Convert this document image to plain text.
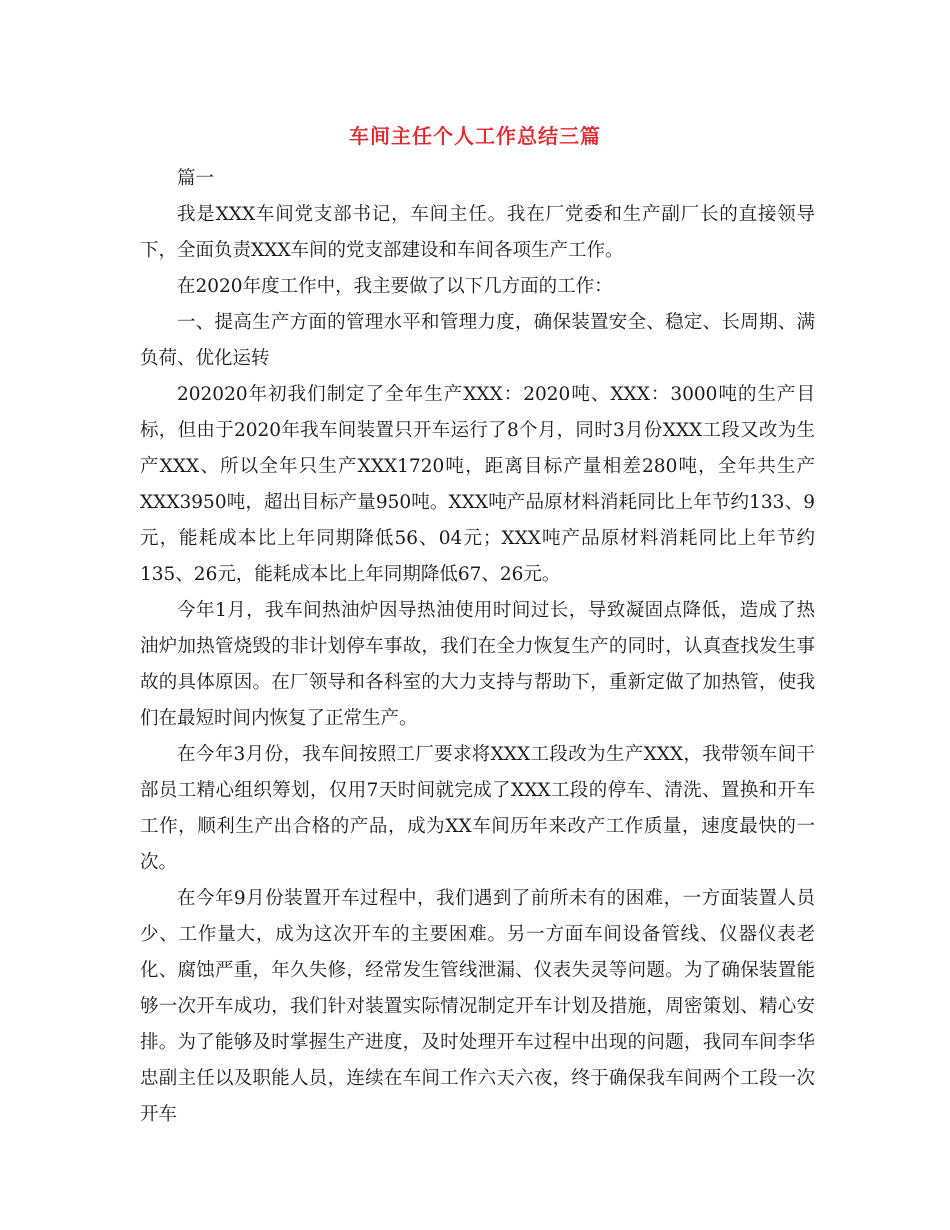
车间主任个人工作总结三篇

篇一

我是XXX车间党支部书记，车间主任。我在厂党委和生产副厂长的直接领导下，全面负责XXX车间的党支部建设和车间各项生产工作。

在2020年度工作中，我主要做了以下几方面的工作：

一、提高生产方面的管理水平和管理力度，确保装置安全、稳定、长周期、满负荷、优化运转

202020年初我们制定了全年生产XXX：2020吨、XXX：3000吨的生产目标，但由于2020年我车间装置只开车运行了8个月，同时3月份XXX工段又改为生产XXX、所以全年只生产XXX1720吨，距离目标产量相差280吨，全年共生产XXX3950吨，超出目标产量950吨。XXX吨产品原材料消耗同比上年节约133、9元，能耗成本比上年同期降低56、04元；XXX吨产品原材料消耗同比上年节约135、26元，能耗成本比上年同期降低67、26元。

今年1月，我车间热油炉因导热油使用时间过长，导致凝固点降低，造成了热油炉加热管烧毁的非计划停车事故，我们在全力恢复生产的同时，认真查找发生事故的具体原因。在厂领导和各科室的大力支持与帮助下，重新定做了加热管，使我们在最短时间内恢复了正常生产。

在今年3月份，我车间按照工厂要求将XXX工段改为生产XXX，我带领车间干部员工精心组织筹划，仅用7天时间就完成了XXX工段的停车、清洗、置换和开车工作，顺利生产出合格的产品，成为XX车间历年来改产工作质量，速度最快的一次。

在今年9月份装置开车过程中，我们遇到了前所未有的困难，一方面装置人员少、工作量大，成为这次开车的主要困难。另一方面车间设备管线、仪器仪表老化、腐蚀严重，年久失修，经常发生管线泄漏、仪表失灵等问题。为了确保装置能够一次开车成功，我们针对装置实际情况制定开车计划及措施，周密策划、精心安排。为了能够及时掌握生产进度，及时处理开车过程中出现的问题，我同车间李华忠副主任以及职能人员，连续在车间工作六天六夜，终于确保我车间两个工段一次开车
